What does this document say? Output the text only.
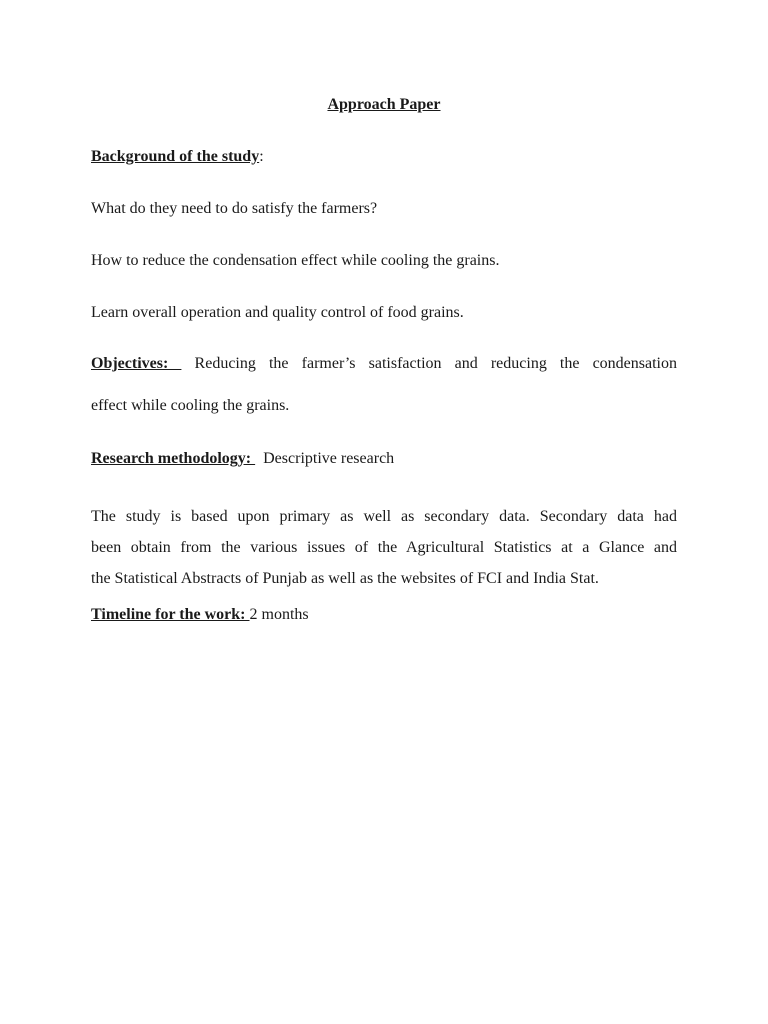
Approach Paper
Background of the study:
What do they need to do satisfy the farmers?
How to reduce the condensation effect while cooling the grains.
Learn overall operation and quality control of food grains.
Objectives:  Reducing the farmer’s satisfaction and reducing the condensation
effect while cooling the grains.
Research methodology:   Descriptive research
The study is based upon primary as well as secondary data. Secondary data had
been obtain from the various issues of the Agricultural Statistics at a Glance and
the Statistical Abstracts of Punjab as well as the websites of FCI and India Stat.
Timeline for the work: 2 months
